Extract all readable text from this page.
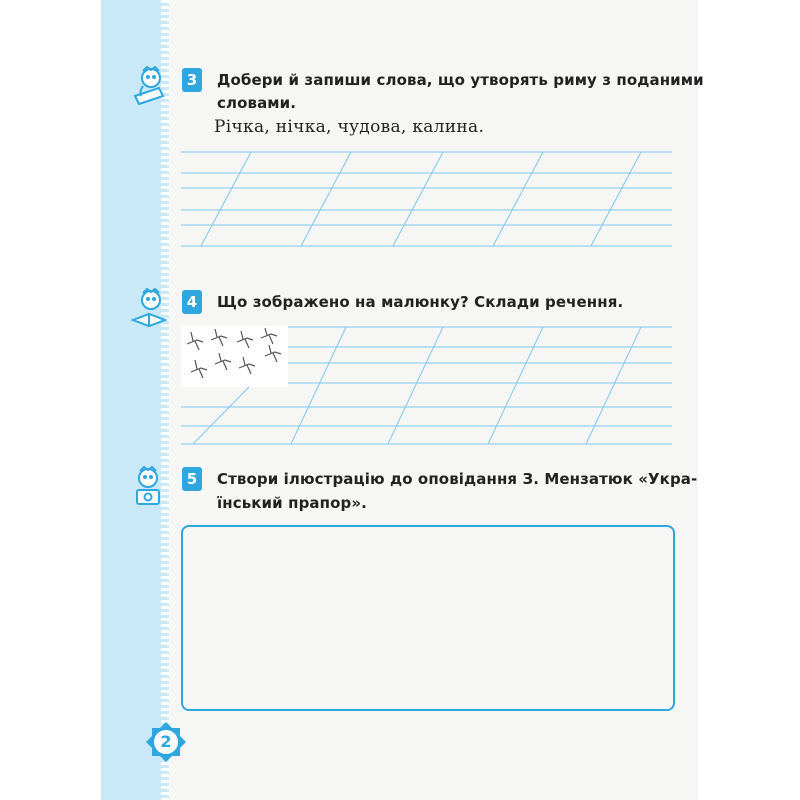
3	Добери й запиши слова, що утворять риму з поданими
словами.
Річка, нічка, чудова, калина.
4	Що зображено на малюнку? Склади речення.
5	Створи ілюстрацію до оповідання З. Мензатюк «Укра-
їнський прапор».
2
